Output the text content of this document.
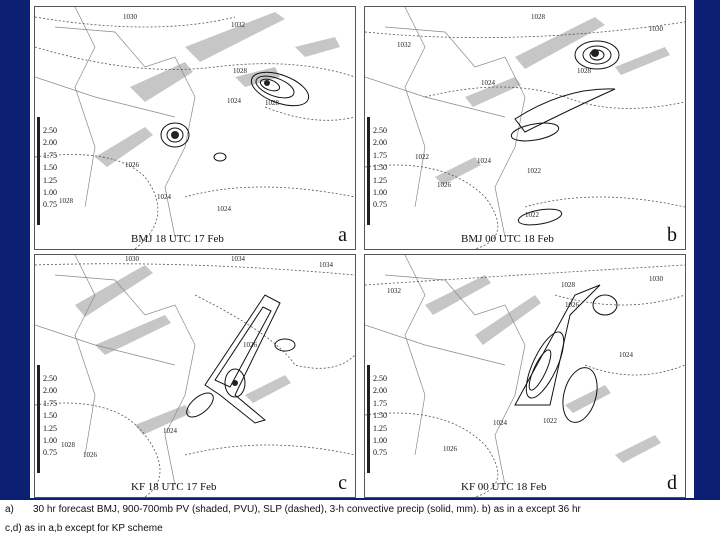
2.50
2.00
1.75
1.50
1.25
1.00
0.75
1030
1032
1028
1024	1028
1026
1028	1024
1024
BMJ 18 UTC 17 Feb	a
2.50
2.00
1.75
1.50
1.25
1.00
0.75
1032
1030
1028
1024
1028
1024
1022
1026
1022
1022
BMJ 00 UTC 18 Feb	b
2.50
2.00
1.75
1.50
1.25
1.00
0.75
1030	1034
1034
1026
1028
1024
1026
KF 18 UTC 17 Feb	c
2.50
2.00
1.75
1.50
1.25
1.00
0.75
1032
1030
1028
1026
1024
1024	1022
1026
KF 00 UTC 18 Feb	d
a) 30 hr forecast BMJ, 900-700mb PV (shaded, PVU), SLP (dashed), 3-h convective precip (solid, mm). b) as in a except 36 hr
c,d) as in a,b except for KP scheme
